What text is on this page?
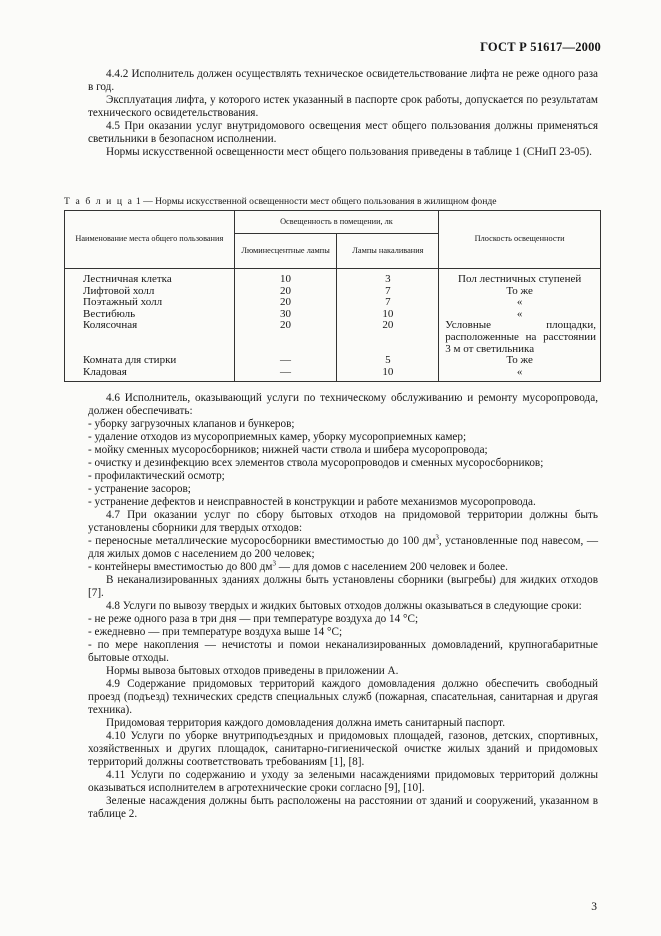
ГОСТ Р 51617—2000

4.4.2 Исполнитель должен осуществлять техническое освидетельствование лифта не реже одного раза в год.

Эксплуатация лифта, у которого истек указанный в паспорте срок работы, допускается по результатам технического освидетельствования.

4.5 При оказании услуг внутридомового освещения мест общего пользования должны применяться светильники в безопасном исполнении.

Нормы искусственной освещенности мест общего пользования приведены в таблице 1 (СНиП 23-05).

Т а б л и ц а 1 — Нормы искусственной освещенности мест общего пользования в жилищном фонде
Наименование места общего пользования	Освещенность в помещении, лк		Плоскость освещенности
	Люминесцентные лампы	Лампы накаливания	
Лестничная клетка	10	3	Пол лестничных ступеней
Лифтовой холл	20	7	То же
Поэтажный холл	20	7	«
Вестибюль	30	10	«
Колясочная	20	20	Условные площадки, расположенные на расстоянии 3 м от светильника
Комната для стирки	—	5	То же
Кладовая	—	10	«

4.6 Исполнитель, оказывающий услуги по техническому обслуживанию и ремонту мусоропровода, должен обеспечивать:

- уборку загрузочных клапанов и бункеров;

- удаление отходов из мусороприемных камер, уборку мусороприемных камер;

- мойку сменных мусоросборников; нижней части ствола и шибера мусоропровода;

- очистку и дезинфекцию всех элементов ствола мусоропроводов и сменных мусоросборников;

- профилактический осмотр;

- устранение засоров;

- устранение дефектов и неисправностей в конструкции и работе механизмов мусоропровода.

4.7 При оказании услуг по сбору бытовых отходов на придомовой территории должны быть установлены сборники для твердых отходов:

- переносные металлические мусоросборники вместимостью до 100 $дм^3$, установленные под навесом, — для жилых домов с населением до 200 человек;

- контейнеры вместимостью до 800 $дм^3$ — для домов с населением 200 человек и более.

В неканализированных зданиях должны быть установлены сборники (выгребы) для жидких отходов [7].

4.8 Услуги по вывозу твердых и жидких бытовых отходов должны оказываться в следующие сроки:

- не реже одного раза в три дня — при температуре воздуха до 14 °С;

- ежедневно — при температуре воздуха выше 14 °С;

- по мере накопления — нечистоты и помои неканализированных домовладений, крупногабаритные бытовые отходы.

Нормы вывоза бытовых отходов приведены в приложении А.

4.9 Содержание придомовых территорий каждого домовладения должно обеспечить свободный проезд (подъезд) технических средств специальных служб (пожарная, спасательная, санитарная и другая техника).

Придомовая территория каждого домовладения должна иметь санитарный паспорт.

4.10 Услуги по уборке внутриподъездных и придомовых площадей, газонов, детских, спортивных, хозяйственных и других площадок, санитарно-гигиенической очистке жилых зданий и придомовых территорий должны соответствовать требованиям [1], [8].

4.11 Услуги по содержанию и уходу за зелеными насаждениями придомовых территорий должны оказываться исполнителем в агротехнические сроки согласно [9], [10].

Зеленые насаждения должны быть расположены на расстоянии от зданий и сооружений, указанном в таблице 2.

3
